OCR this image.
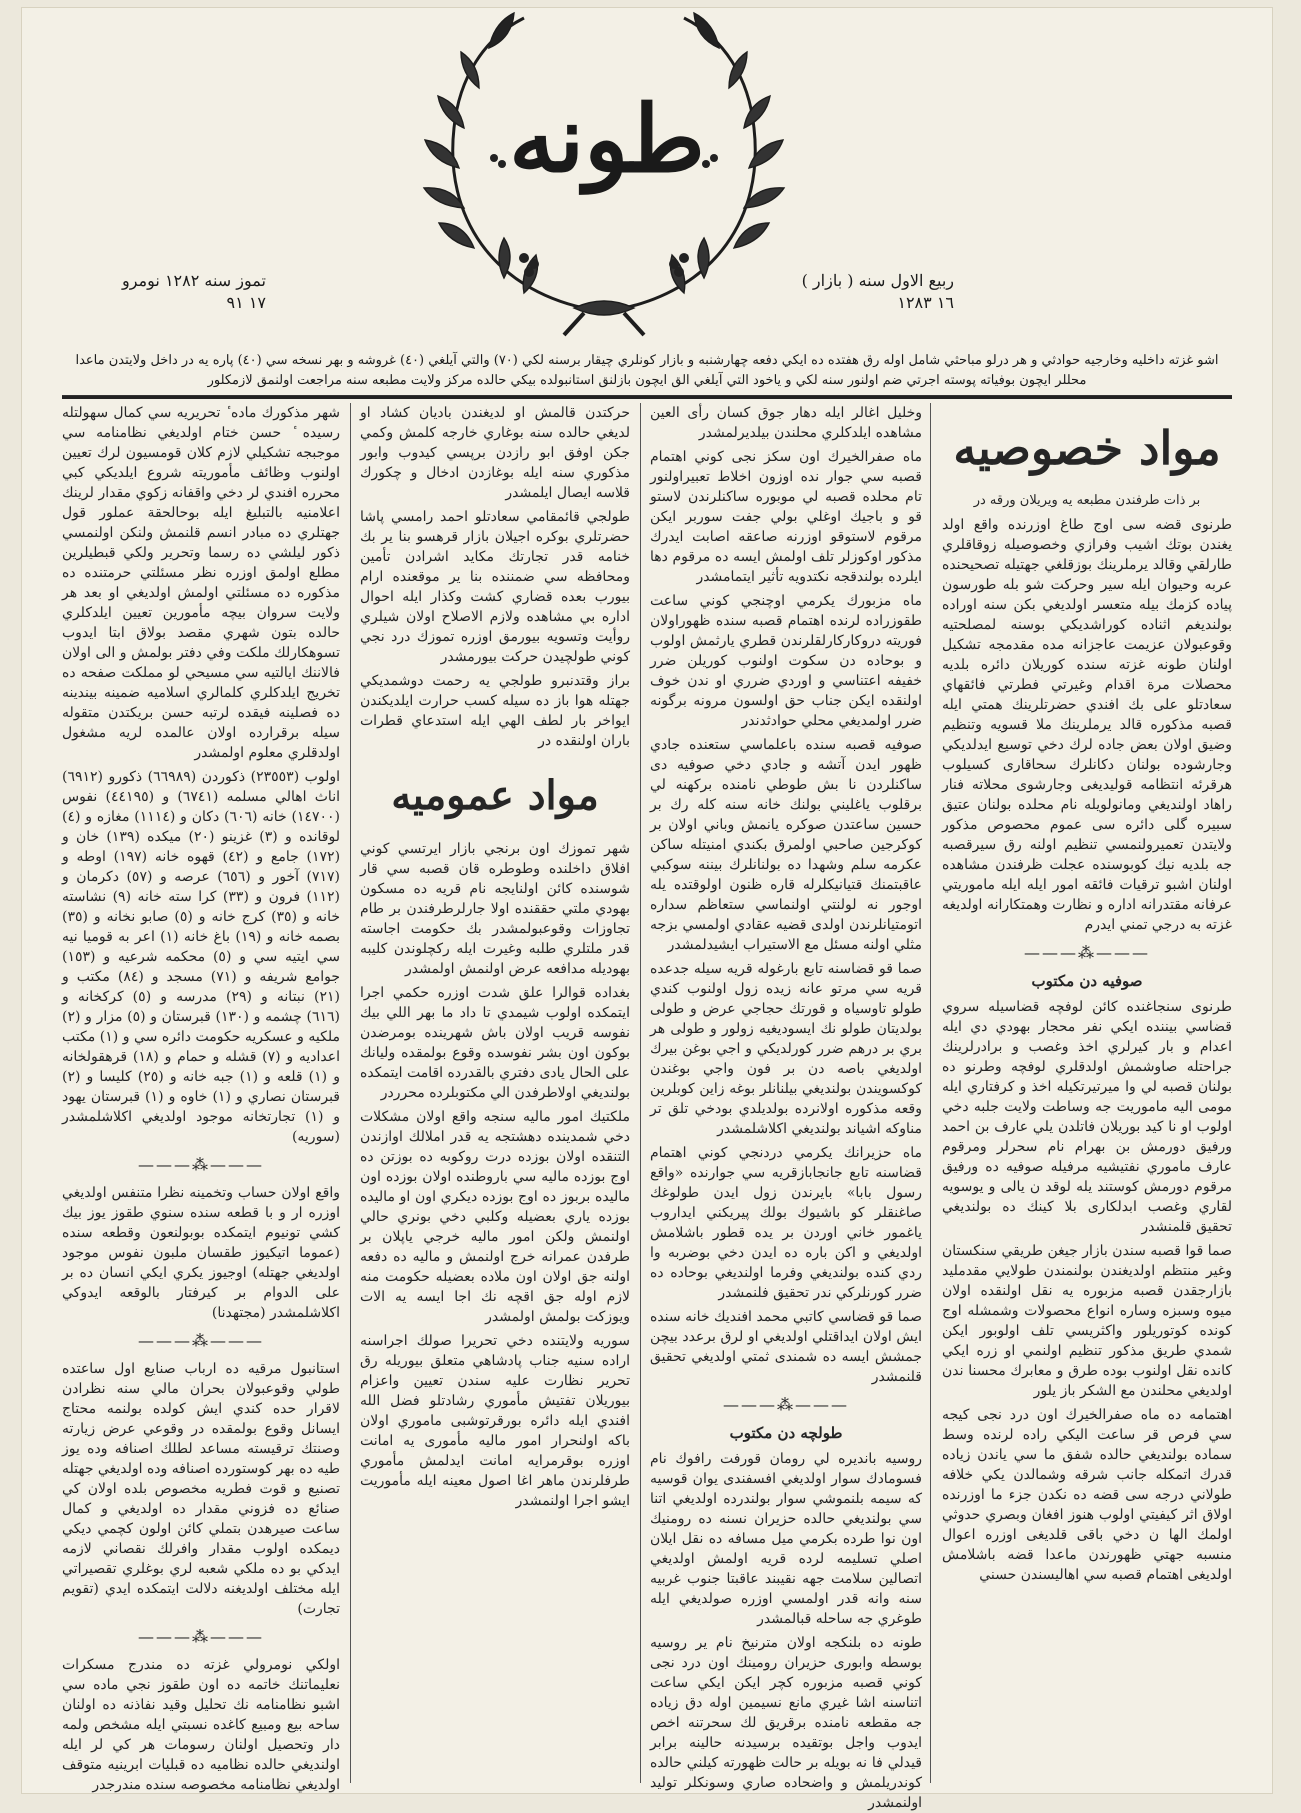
طونه
ربيع الاول سنه ( بازار )
١٦ ١٢٨٣
تموز سنه ١٢٨٢ نومرو
١٧ ٩١
اشو غزته داخليه وخارجيه حوادثي و هر درلو مباحثي شامل اوله رق هفتده ده ايكي دفعه چهارشنبه و بازار كونلري چيقار برسنه لكي (٧٠) والتي آيلغي (٤٠) غروشه و بهر نسخه سي (٤٠) پاره يه در داخل ولايتدن ماعدا محللر ايچون بوفياته پوسته اجرتي ضم اولنور سنه لكي و ياخود التي آيلغي الق ايچون بازلنق استانبولده بيكي حالده مركز ولايت مطبعه سنه مراجعت اولنمق لازمكلور
مواد خصوصيه
بر ذات طرفندن مطبعه يه ويريلان ورقه در
طرنوى قضه سى اوج طاغ اوزرنده واقع اولد يغندن بوتك اشيب وفرازي وخصوصيله زوقاقلري طارلقي وقالد يرملرينك بوزقلغي جهتيله تصحيحنده عربه وحيوان ايله سير وحركت شو بله طورسون پياده كزمك بيله متعسر اولديغي بكن سنه اوراده بولنديغم اثناده كوراشديكي بوسنه لمصلحتيه وقوعبولان عزيمت عاجزانه مده مقدمجه تشكيل اولنان طونه غزته سنده كوريلان دائره بلديه محصلات مرة اقدام وغيرتي فطرتي فائقهاي سعادتلو على بك افندي حضرتلرينك همتي ايله قصبه مذكوره قالد يرملرينك ملا قسويه وتنظيم وضيق اولان بعض جاده لرك دخي توسيع ايدلديكي وجارشوده بولنان دكانلرك سحاقارى كسيلوب هرقرئه انتظامه قوليديغى وجارشوى محلاته فنار راهاد اولنديغي ومانولويله نام محلده بولنان عتيق سبيره گلى دائره سى عموم محصوص مذكور ولايتدن تعميرولنمسي تنظيم اولنه رق سيرقصبه جه بلديه نيك كوبوسنده عجلت ظرفندن مشاهده اولنان اشبو ترقيات فائقه امور ايله ايله ماموريتي عرفانه مقتدرانه اداره و نظارت وهمتكارانه اولديغه غزته به درجي تمني ايدرم
———⁂———
صوفيه دن مكتوب
طرنوى سنجاغنده كائن لوفچه قضاسيله سروي قضاسي بيننده ايكي نفر محجار بهودي دي ايله اعدام و بار كيرلري اخذ وغصب و برادرلرينك جراحتله صاوشمش اولدقلري لوفچه وطرنو ده بولنان قصبه لي وا ميرتيرتكيله اخذ و كرفتاري ايله مومى اليه ماموريت جه وساطت ولايت جلبه دخي اولوب او نا كيد بوريلان فاتلدن يلي عارف بن احمد ورفيق دورمش بن بهرام نام سحرلر ومرقوم عارف ماموري نفتيشيه مرفيله صوفيه ده ورفيق مرقوم دورمش كوستند يله لوقد ن يالى و يوسويه لقاري وغصب ابدلكارى بلا كينك ده بولنديغي تحقيق قلمنشدر
صما قوا قصبه سندن بازار جيغن طريقي سنكستان وغير منتظم اولديغندن بولنمندن طولايي مقدمليد بازارجقدن قصبه مزبوره يه نقل اولنقده اولان ميوه وسبزه وساره انواع محصولات وشمشله اوج كونده كوتوريلور واكثريسي تلف اولوبور ايكن شمدي طريق مذكور تنظيم اولنمي او زره ايكي كانده نقل اولنوب بوده طرق و معابرك محسنا ندن اولديغي محلندن مع الشكر باز يلور
اهتمامه ده ماه صفرالخيرك اون درد نجى كيجه سي فرص قر ساعت اليكي راده لرنده وسط سماده بولنديغي حالده شفق ما سي ياندن زياده قدرك اتمكله جانب شرقه وشمالدن يكي خلافه طولاني درجه سى قضه ده نكدن جزء ما اوزرنده اولاق اثر كيفيتي اولوب هنوز افغان وبصري حدوثي اولمك الها ن دخي باقى قلديغى اوزره اعوال منسبه جهتي ظهورندن ماعدا قضه باشلامش اولديغى اهتمام قصبه سي اهاليسندن حسني
وخليل اغالر ايله دهار جوق كسان رأى العين مشاهده ايلدكلري محلندن بيلديرلمشدر
ماه صفرالخيرك اون سكز نجى كوني اهتمام قصبه سي جوار نده اوزون اخلاط تعبيراولنور تام محلده قصبه لي موبوره ساكنلرندن لاستو قو و باجيك اوغلي بولي جفت سوربر ايكن مرقوم لاستوقو اوزرنه صاعقه اصابت ايدرك مذكور اوكوزلر تلف اولمش ايسه ده مرقوم دها ايلرده بولندقجه نكتدويه تأثير ايتمامشدر
ماه مزبورك يكرمي اوچنجي كوني ساعت طقوزراده لرنده اهتمام قصبه سنده ظهوراولان فوريته دروكاركارلقلرندن قطري يارثمش اولوب و بوحاده دن سكوت اولنوب كوريلن ضرر خفيفه اعتناسي و اوردي ضرري او ندن خوف اولنقده ايكن جناب حق اولسون مرونه برگونه ضرر اولمديغي محلي حوادثدندر
صوفيه قصبه سنده باعلماسي ستعنده جادي ظهور ايدن آتشه و جادي دخي صوفيه دى ساكنلردن نا بش طوطي نامنده بركهنه لي برقلوب ياغليني بولنك خانه سنه كله رك بر حسين ساعتدن صوكره يانمش وباني اولان بر كوكرجين صاحبي اولمرق بكندي امنيتله ساكن عكرمه سلم وشهدا ده بولنانلرك بيننه سوكبي عاقبتمنك قتيانيكلرله قاره ظنون اولوقتده يله اوجور نه لولنتي اولنماسي ستعاظم سداره اتومتيانلرندن اولدى قضيه عقادي اولمسي بزجه مثلي اولنه مسئل مع الاستيراب ايشيدلمشدر
صما قو قضاسنه تابع بارغوله قريه سيله جدعده قريه سي مرتو عانه زيده زول اولنوب كندي طولو تاوسياه و قورتك حجاجي عرض و طولى بولديتان طولو نك ايسوديغيه زولور و طولى هر بري بر درهم ضرر كورلديكي و اجي بوغن بيرك اولديغي باصه دن بر فون واجي بوغندن كوكسويندن بولنديغي بيلنانلر بوغه زاين كوبلرين وقعه مذكوره اولانرده بولديلدي بودخي تلق تر مناوكه اشياند بولنديغي اكلاشلمشدر
ماه حزيرانك يكرمي دردنجي كوني اهتمام قضاسنه تابع جانجابازقريه سي جوارنده «واقع رسول بابا» بايرندن زول ايدن طولوغك صاغنقلر كو باشيوك بولك پيريكني ايداروب ياغمور خاني اوردن بر يده قطور باشلامش اولديغي و اكن باره ده ايدن دخي بوضربه وا ردي كنده بولنديغي وفرما اولنديغي بوحاده ده ضرر كورنلركي ندر تحقيق فلنمشدر
صما قو قضاسي كاتبي محمد افنديك خانه سنده ايش اولان ايداقتلي اولديغي او لرق برعدد بيچن جمشش ايسه ده شمندى ثمتي اولديغي تحقيق قلنمشدر
———⁂———
طولچه دن مكتوب
روسيه بانديره لي رومان قورفت رافوك نام فسومادك سوار اولديغي افسفندى يوان قوسيه كه سيمه بلنموشي سوار بولندرده اولديغي اتنا سي بولنديغي حالده حزيران نسنه ده رومنيك اون نوا طرده بكرمي ميل مسافه ده نقل ايلان اصلي تسليمه لرده قريه اولمش اولديغي اتصالين سلامت جهه نقيبند عاقبتا جنوب غربيه سنه وانه قدر اولمسي اوزره صولديغي ايله طوغري جه ساحله قبالمشدر
طونه ده بلنكجه اولان مترنيخ نام ير روسيه بوسطه وابورى حزيران رومينك اون درد نجى كوني قصبه مزبوره كچر ايكن ايكي ساعت اتناسنه اشا غيري مانع نسيمين اوله دق زياده جه مقطعه نامنده برقريق لك سحرتنه اخص ايدوب واجل بوتقيده برسيدنه حالينه برابر قيدلي فا نه بويله بر حالت ظهورته كيلني حالده كوندريلمش و واضحاده صاري وسونكلر توليد اولنمشدر
حركتدن قالمش او لديغندن باديان كشاد او لديغي حالده سنه بوغاري خارجه كلمش وكمي جكن اوفق ابو رازدن برپسي كيدوب وابور مذكوري سنه ايله بوغازدن ادخال و چكورك قلاسه ايصال ايلمشدر
طولجي قائمقامي سعادتلو احمد رامسي پاشا حضرتلري بوكره اجيلان بازار قرهسو بنا ير بك خنامه قدر تجارتك مكايد اشرادن تأمين ومحافظه سي ضمننده بنا ير موقعنده ارام بيورب بعده قضاري كشت وكذار ايله احوال اداره بي مشاهده ولازم الاصلاح اولان شيلري روأيت وتسويه بيورمق اوزره تموزك درد نجي كوني طولچيدن حركت بيورمشدر
براز وقتدنبرو طولجي يه رحمت دوشمديكي جهتله هوا باز ده سيله كسب حرارت ايلديكندن ايواخر بار لطف الهي ايله استدعاي قطرات باران اولنقده در
مواد عموميه
شهر تموزك اون برنجي بازار ايرتسي كوني افلاق داخلنده وطوطره قان قصبه سي قار شوسنده كائن اولنايجه نام قريه ده مسكون بهودي ملتي حققنده اولا جارلرطرفندن بر طام تجاوزات وقوعبولمشدر بك حكومت اجاسته قدر ملتلري طلبه وغيرت ايله ركچلوندن كليبه بهوديله مدافعه عرض اولنمش اولمشدر
بغداده قوالرا علق شدت اوزره حكمي اجرا ايتمكده اولوب شيمدي تا داد ما بهر اللي بيك نفوسه قريب اولان باش شهرينده بومرضدن بوكون اون بشر نفوسده وقوع بولمقده وليانك على الحال يادى دفتري بالقدرده اقامت ايتمكده بولنديغي اولاطرفدن الي مكتوبلرده محرردر
ملكتيك امور ماليه سنجه واقع اولان مشكلات دخي شمدينده دهشتجه يه قدر املالك اوازندن التنقده اولان بوزده درت روكوبه ده بوزتن ده اوج بوزده ماليه سي باروطنده اولان بوزده اون ماليده بربوز ده اوج بوزده ديكري اون او ماليده بوزده ياري بعضيله وكلبي دخي بونري حالي اولنمش ولكن امور ماليه خرجي ياپلان بر طرفدن عمرانه خرج اولنمش و ماليه ده دفعه اولنه جق اولان اون ملاده بعضيله حكومت منه لازم اوله جق اقچه نك اجا ايسه يه الات ويوزكت بولمش اولمشدر
سوريه ولايتنده دخي تحريرا صولك اجراسنه اراده سنيه جناب پادشاهي متعلق بيوريله رق تحرير نظارت عليه سندن تعيين واعزام بيوريلان تفتيش مأموري رشادتلو فضل الله افندي ايله دائره بورقرتوشبى ماموري اولان باكه اولنحرار امور ماليه مأمورى يه امانت اوزره بوقرمرايه امانت ايدلمش مأموري طرفلرندن ماهر اغا اصول معينه ايله مأموريت ايشو اجرا اولنمشدر
شهر مذكورك ماده ٔ تحريريه سي كمال سهولتله رسيده ٔ حسن ختام اولديغي نظامنامه سي موجبجه تشكيلي لازم كلان قومسيون لرك تعيين اولنوب وظائف مأموريته شروع ايلديكي كبي محرره افندي لر دخي واقفانه زكوي مقدار لرينك اعلامنيه بالتبليغ ايله بوحالحقة عملور قول جهتلري ده مبادر انسم قلنمش ولنكن اولنمسي ذكور ليلشي ده رسما وتحرير ولكي قبطيلرين مطلع اولمق اوزره نظر مسئلتي حرمتنده ده مذكوره ده مسئلتي اولمش اولديغي او بعد هر ولايت سروان بيچه مأمورين تعيين ايلدكلري حالده بتون شهري مقصد بولاق ابتا ايدوب تسوهكارلك ملكت وفي دفتر بولمش و الى اولان فالاننك ايالتيه سي مسيحي لو مملكت صفحه ده تخريج ايلدكلري كلمالري اسلاميه ضمينه بيندينه ده فصلينه فيقده لرتبه حسن بريكتدن متقوله سيله برقرارده اولان عالمده لريه مشغول اولدقلري معلوم اولمشدر
اولوب (٢٣٥٥٣) ذكوردن (٦٦٩٨٩) ذكورو (٦٩١٢) اناث اهالي مسلمه (٦٧٤١) و (٤٤١٩٥) نفوس (١٤٧٠٠) خانه (٦٠٦) دكان و (١١١٤) مغازه و (٤) لوقانده و (٣) غزينو (٢٠) ميكده (١٣٩) خان و (١٧٢) جامع و (٤٢) قهوه خانه (١٩٧) اوطه و (٧١٧) آخور و (٦٥٦) عرصه و (٥٧) دكرمان و (١١٢) فرون و (٣٣) كرا سته خانه (٩) نشاسته خانه و (٣٥) كرج خانه و (٥) صابو نخانه و (٣٥) بصمه خانه و (١٩) باغ خانه (١) اعر به قوميا نيه سي ايتيه سي و (٥) محكمه شرعيه و (١٥٣) جوامع شريفه و (٧١) مسجد و (٨٤) مكتب و (٢١) نبتانه و (٢٩) مدرسه و (٥) كركخانه و (٦١٦) چشمه و (١٣٠) قبرستان و (٥) مزار و (٢) ملكيه و عسكريه حكومت دائره سي و (١) مكتب اعداديه و (٧) قشله و حمام و (١٨) قرهقولخانه و (١) قلعه و (١) جبه خانه و (٢٥) كليسا و (٢) قبرستان نصاري و (١) خاوه و (١) قبرستان يهود و (١) تجارتخانه موجود اولديغي اكلاشلمشدر (سوريه)
———⁂———
واقع اولان حساب وتخمينه نظرا متنفس اولديغي اوزره ار و با قطعه سنده سنوي طقوز يوز بيك كشي تونيوم ايتمكده بوبولنعون وقطعه سنده (عموما اتيكيوز طقسان ملبون نفوس موجود اولديغي جهتله) اوجيوز يكري ايكي انسان ده بر على الدوام بر كيرفتار بالوقعه ايدوكي اكلاشلمشدر (مجتهدنا)
———⁂———
استانبول مرقيه ده ارباب صنايع اول ساعتده طولي وقوعبولان بحران مالي سنه نظرادن لاقرار حده كندي ايش كولده بولنمه محتاج ايسانل وقوع بولمقده در وقوعي عرض زيارته وصنتك ترقيسته مساعد لطلك اصنافه وده يوز طيه ده بهر كوستورده اصنافه وده اولديغي جهتله تصنيع و قوت فطريه مخصوص بلده اولان كي صنائع ده فزوني مقدار ده اولديغي و كمال ساعت صيرهدن بتملي كائن اولون كچمي ديكي ديمكده اولوب مقدار وافرلك نقصاني لازمه ايدكي بو ده ملكي شعبه لري بوغلري تقصيراتي ايله مختلف اولديغنه دلالت ايتمكده ايدي (تقويم تجارت)
———⁂———
اولكي نومرولي غزته ده مندرج مسكرات نعليماتنك خاتمه ده اون طقوز نجي ماده سي اشبو نظامنامه نك تحليل وقيد نفاذنه ده اولنان ساحه بيع ومبيع كاغده نسبتي ايله مشخص ولمه دار وتحصيل اولنان رسومات هر كي لر ايله اولنديغي حالده نظاميه ده قبليات ابرينيه متوقف اولديغي نظامنامه مخصوصه سنده مندرجدر
